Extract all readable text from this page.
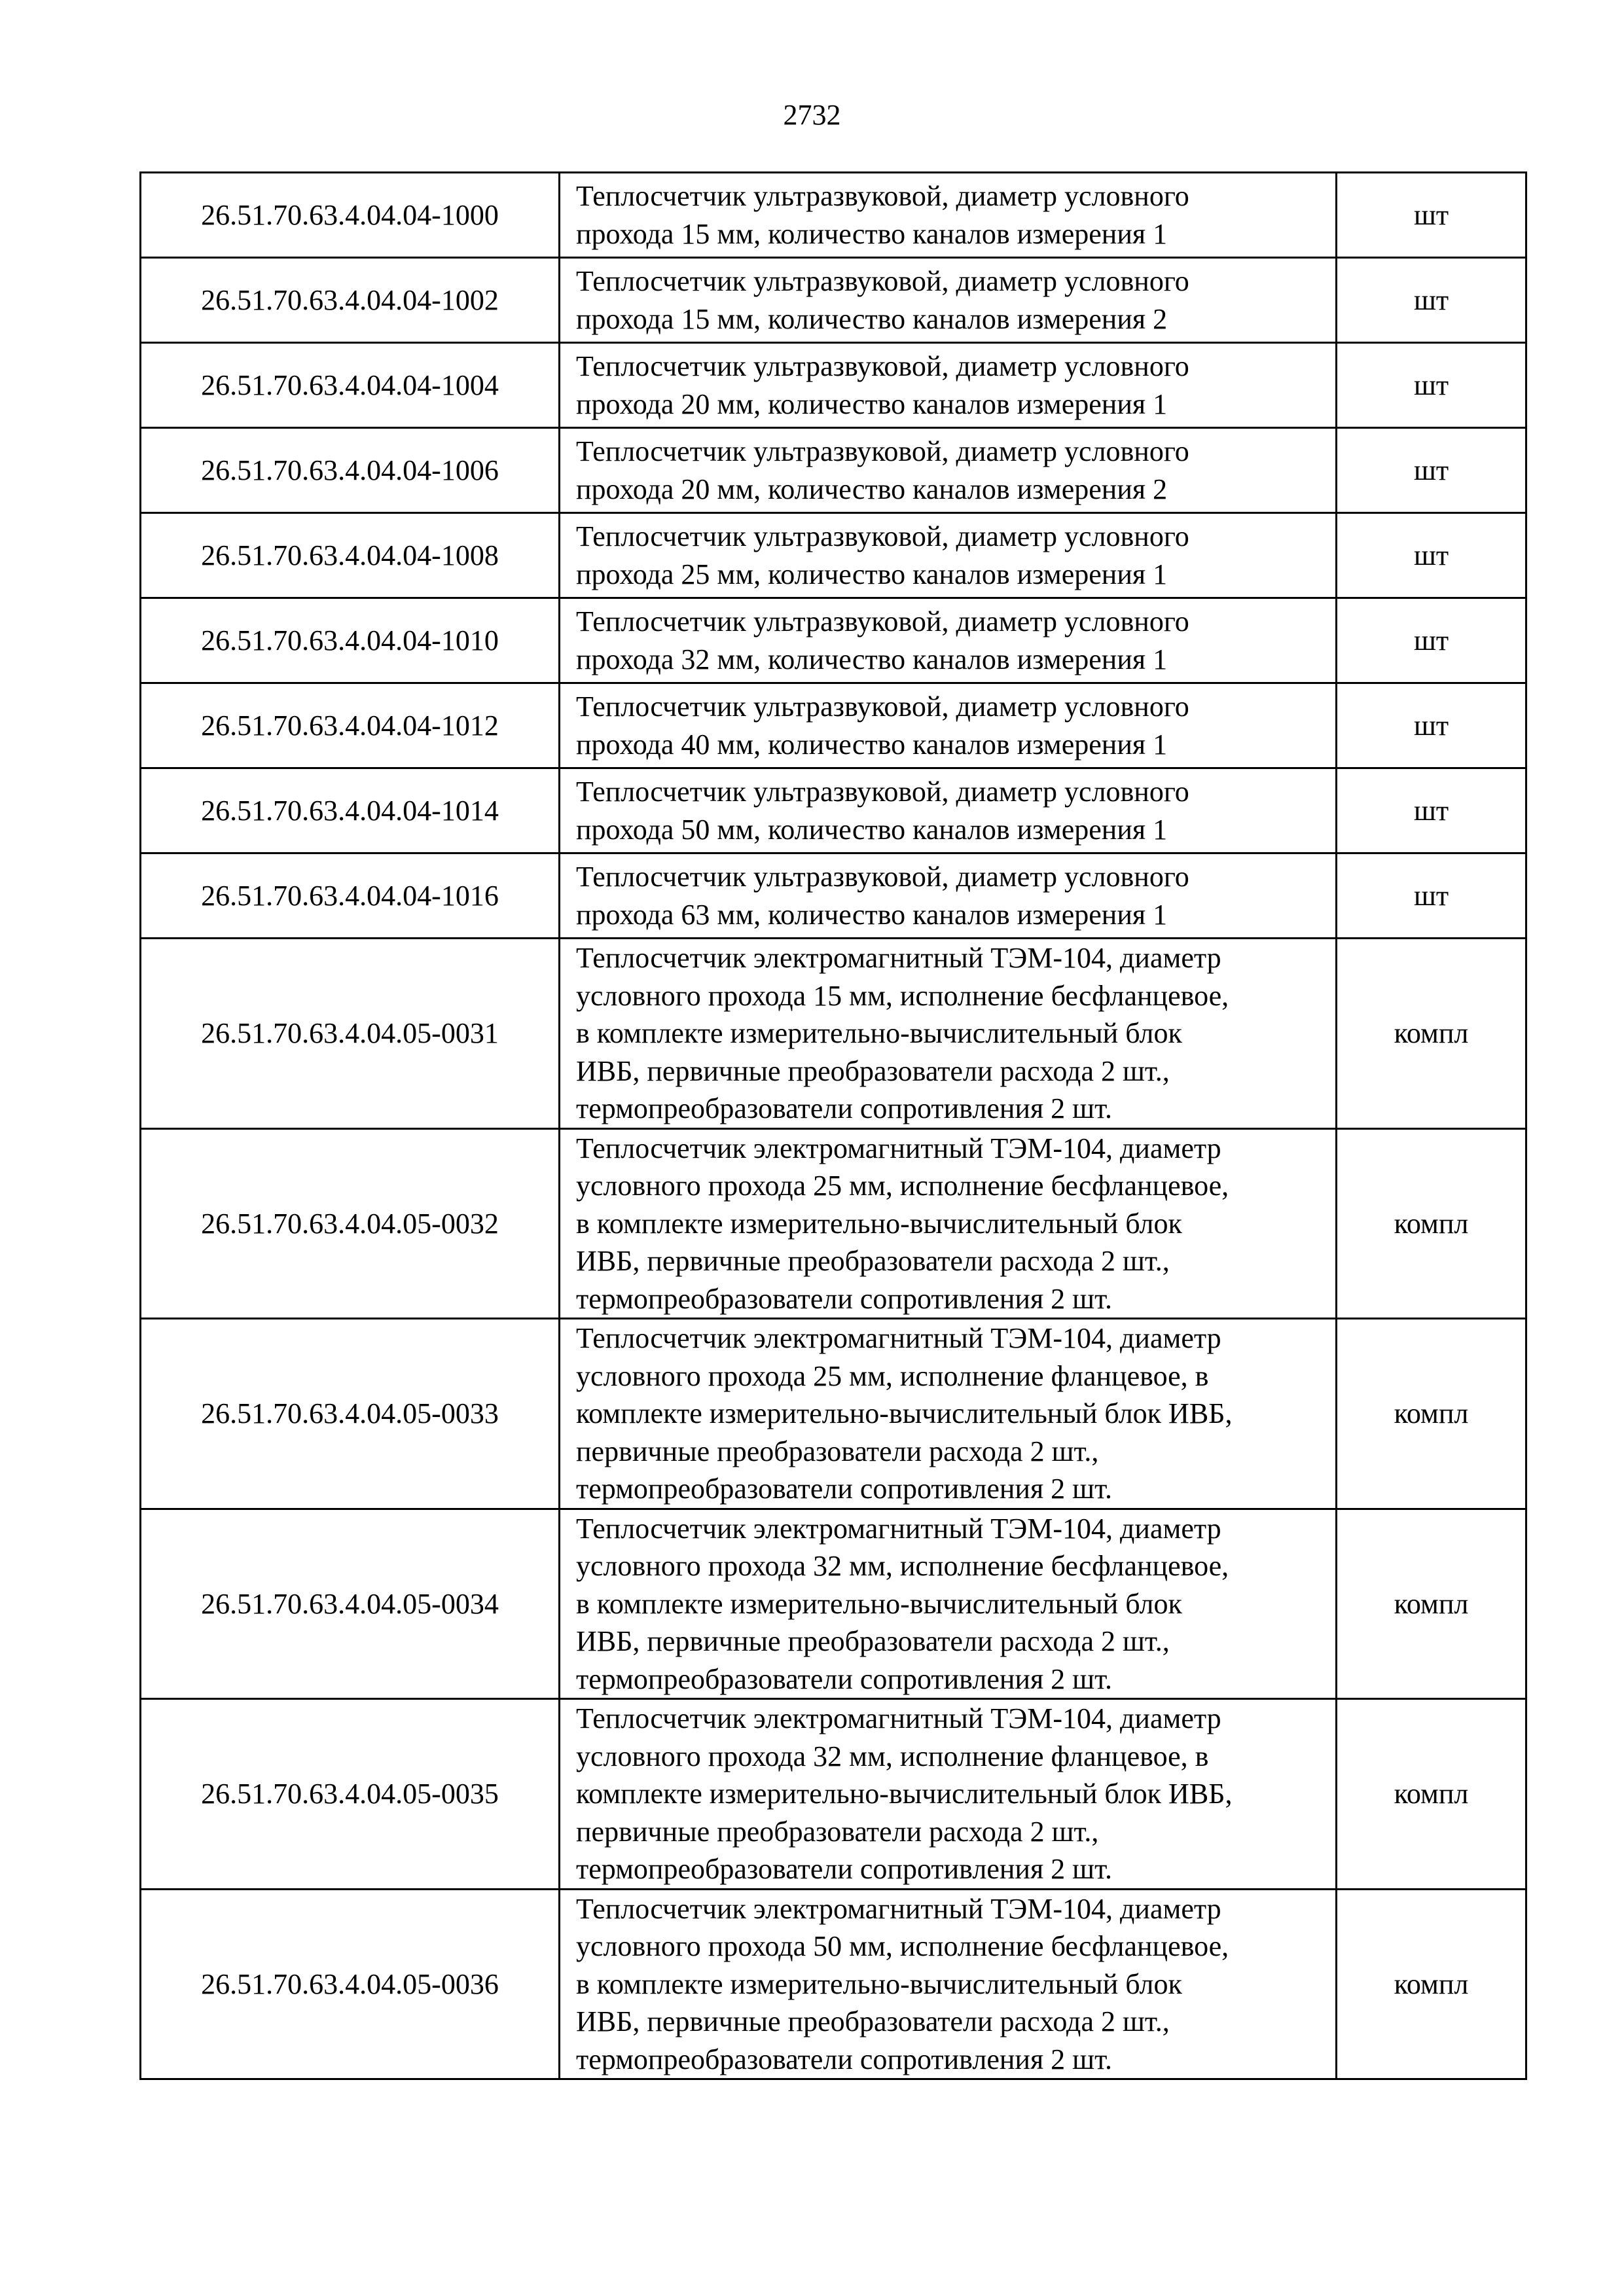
2732
26.51.70.63.4.04.04-1000	Теплосчетчик ультразвуковой, диаметр условного
прохода 15 мм, количество каналов измерения 1	шт
26.51.70.63.4.04.04-1002	Теплосчетчик ультразвуковой, диаметр условного
прохода 15 мм, количество каналов измерения 2	шт
26.51.70.63.4.04.04-1004	Теплосчетчик ультразвуковой, диаметр условного
прохода 20 мм, количество каналов измерения 1	шт
26.51.70.63.4.04.04-1006	Теплосчетчик ультразвуковой, диаметр условного
прохода 20 мм, количество каналов измерения 2	шт
26.51.70.63.4.04.04-1008	Теплосчетчик ультразвуковой, диаметр условного
прохода 25 мм, количество каналов измерения 1	шт
26.51.70.63.4.04.04-1010	Теплосчетчик ультразвуковой, диаметр условного
прохода 32 мм, количество каналов измерения 1	шт
26.51.70.63.4.04.04-1012	Теплосчетчик ультразвуковой, диаметр условного
прохода 40 мм, количество каналов измерения 1	шт
26.51.70.63.4.04.04-1014	Теплосчетчик ультразвуковой, диаметр условного
прохода 50 мм, количество каналов измерения 1	шт
26.51.70.63.4.04.04-1016	Теплосчетчик ультразвуковой, диаметр условного
прохода 63 мм, количество каналов измерения 1	шт
26.51.70.63.4.04.05-0031	Теплосчетчик электромагнитный ТЭМ-104, диаметр
условного прохода 15 мм, исполнение бесфланцевое,
в комплекте измерительно-вычислительный блок
ИВБ, первичные преобразователи расхода 2 шт.,
термопреобразователи сопротивления 2 шт.	компл
26.51.70.63.4.04.05-0032	Теплосчетчик электромагнитный ТЭМ-104, диаметр
условного прохода 25 мм, исполнение бесфланцевое,
в комплекте измерительно-вычислительный блок
ИВБ, первичные преобразователи расхода 2 шт.,
термопреобразователи сопротивления 2 шт.	компл
26.51.70.63.4.04.05-0033	Теплосчетчик электромагнитный ТЭМ-104, диаметр
условного прохода 25 мм, исполнение фланцевое, в
комплекте измерительно-вычислительный блок ИВБ,
первичные преобразователи расхода 2 шт.,
термопреобразователи сопротивления 2 шт.	компл
26.51.70.63.4.04.05-0034	Теплосчетчик электромагнитный ТЭМ-104, диаметр
условного прохода 32 мм, исполнение бесфланцевое,
в комплекте измерительно-вычислительный блок
ИВБ, первичные преобразователи расхода 2 шт.,
термопреобразователи сопротивления 2 шт.	компл
26.51.70.63.4.04.05-0035	Теплосчетчик электромагнитный ТЭМ-104, диаметр
условного прохода 32 мм, исполнение фланцевое, в
комплекте измерительно-вычислительный блок ИВБ,
первичные преобразователи расхода 2 шт.,
термопреобразователи сопротивления 2 шт.	компл
26.51.70.63.4.04.05-0036	Теплосчетчик электромагнитный ТЭМ-104, диаметр
условного прохода 50 мм, исполнение бесфланцевое,
в комплекте измерительно-вычислительный блок
ИВБ, первичные преобразователи расхода 2 шт.,
термопреобразователи сопротивления 2 шт.	компл
